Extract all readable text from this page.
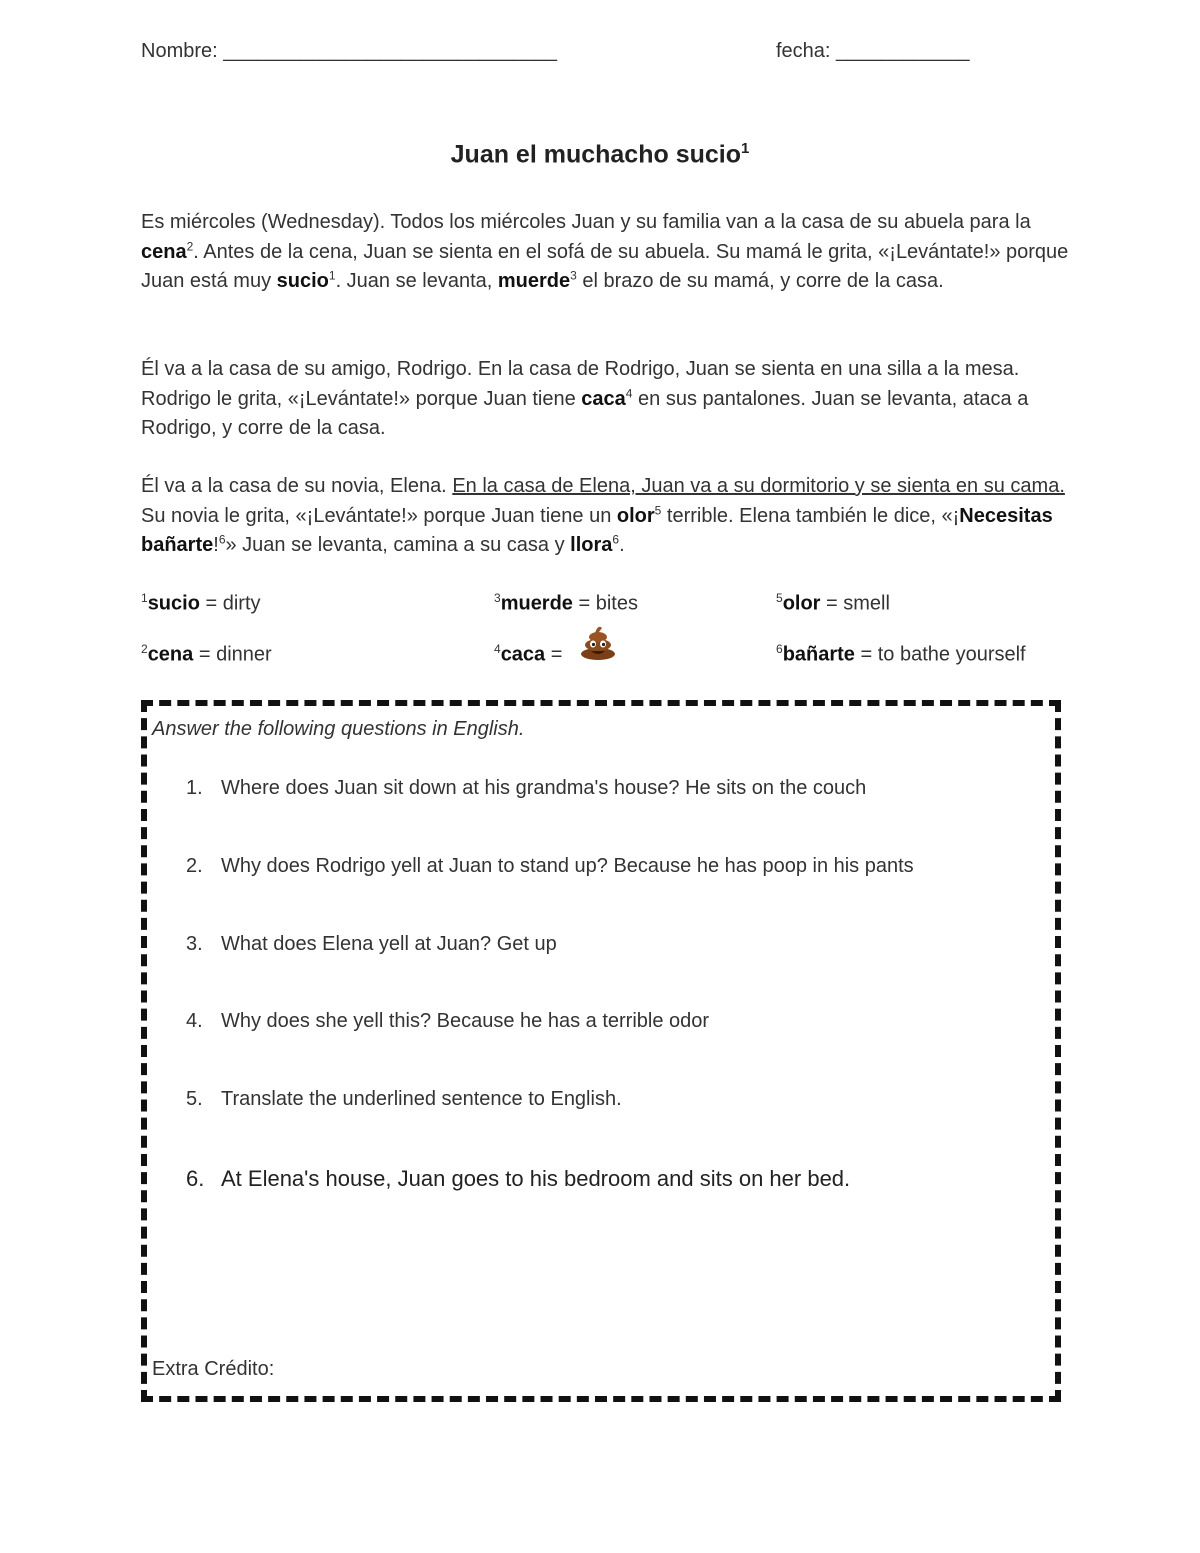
Nombre: ______________________________	fecha: ____________
Juan el muchacho sucio$^1$
Es miércoles (Wednesday). Todos los miércoles Juan y su familia van a la casa de su abuela para la cena$^2$. Antes de la cena, Juan se sienta en el sofá de su abuela. Su mamá le grita, «¡Levántate!» porque Juan está muy sucio$^1$. Juan se levanta, muerde$^3$ el brazo de su mamá, y corre de la casa.
Él va a la casa de su amigo, Rodrigo. En la casa de Rodrigo, Juan se sienta en una silla a la mesa. Rodrigo le grita, «¡Levántate!» porque Juan tiene caca$^4$ en sus pantalones. Juan se levanta, ataca a Rodrigo, y corre de la casa.
Él va a la casa de su novia, Elena. En la casa de Elena, Juan va a su dormitorio y se sienta en su cama. Su novia le grita, «¡Levántate!» porque Juan tiene un olor$^5$ terrible. Elena también le dice, «¡Necesitas bañarte!$^6$» Juan se levanta, camina a su casa y llora$^6$.
$^1$sucio = dirty	$^3$muerde = bites	$^5$olor = smell
$^2$cena = dinner	$^4$caca =	$^6$bañarte = to bathe yourself
Answer the following questions in English.
1. Where does Juan sit down at his grandma's house? He sits on the couch
2. Why does Rodrigo yell at Juan to stand up? Because he has poop in his pants
3. What does Elena yell at Juan? Get up
4. Why does she yell this? Because he has a terrible odor
5. Translate the underlined sentence to English.
6. At Elena's house, Juan goes to his bedroom and sits on her bed.
Extra Crédito:
